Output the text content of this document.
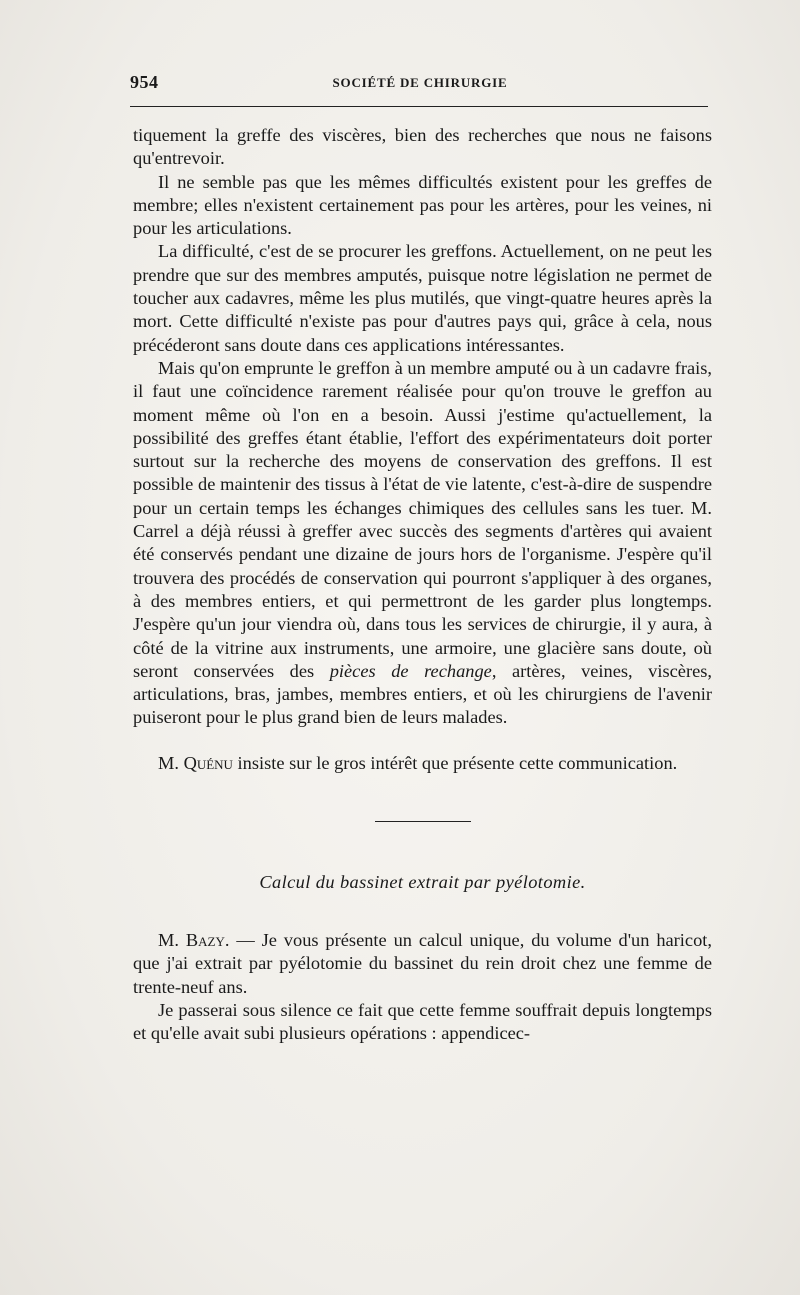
954	SOCIÉTÉ DE CHIRURGIE

tiquement la greffe des viscères, bien des recherches que nous ne faisons qu'entrevoir.

Il ne semble pas que les mêmes difficultés existent pour les greffes de membre; elles n'existent certainement pas pour les artères, pour les veines, ni pour les articulations.

La difficulté, c'est de se procurer les greffons. Actuellement, on ne peut les prendre que sur des membres amputés, puisque notre législation ne permet de toucher aux cadavres, même les plus mutilés, que vingt-quatre heures après la mort. Cette difficulté n'existe pas pour d'autres pays qui, grâce à cela, nous précéderont sans doute dans ces applications intéressantes.

Mais qu'on emprunte le greffon à un membre amputé ou à un cadavre frais, il faut une coïncidence rarement réalisée pour qu'on trouve le greffon au moment même où l'on en a besoin. Aussi j'estime qu'actuellement, la possibilité des greffes étant établie, l'effort des expérimentateurs doit porter surtout sur la recherche des moyens de conservation des greffons. Il est possible de maintenir des tissus à l'état de vie latente, c'est-à-dire de suspendre pour un certain temps les échanges chimiques des cellules sans les tuer. M. Carrel a déjà réussi à greffer avec succès des segments d'artères qui avaient été conservés pendant une dizaine de jours hors de l'organisme. J'espère qu'il trouvera des procédés de conservation qui pourront s'appliquer à des organes, à des membres entiers, et qui permettront de les garder plus longtemps. J'espère qu'un jour viendra où, dans tous les services de chirurgie, il y aura, à côté de la vitrine aux instruments, une armoire, une glacière sans doute, où seront conservées des pièces de rechange, artères, veines, viscères, articulations, bras, jambes, membres entiers, et où les chirurgiens de l'avenir puiseront pour le plus grand bien de leurs malades.

M. Quénu insiste sur le gros intérêt que présente cette communication.

Calcul du bassinet extrait par pyélotomie.

M. Bazy. — Je vous présente un calcul unique, du volume d'un haricot, que j'ai extrait par pyélotomie du bassinet du rein droit chez une femme de trente-neuf ans.

Je passerai sous silence ce fait que cette femme souffrait depuis longtemps et qu'elle avait subi plusieurs opérations : appendicec-
